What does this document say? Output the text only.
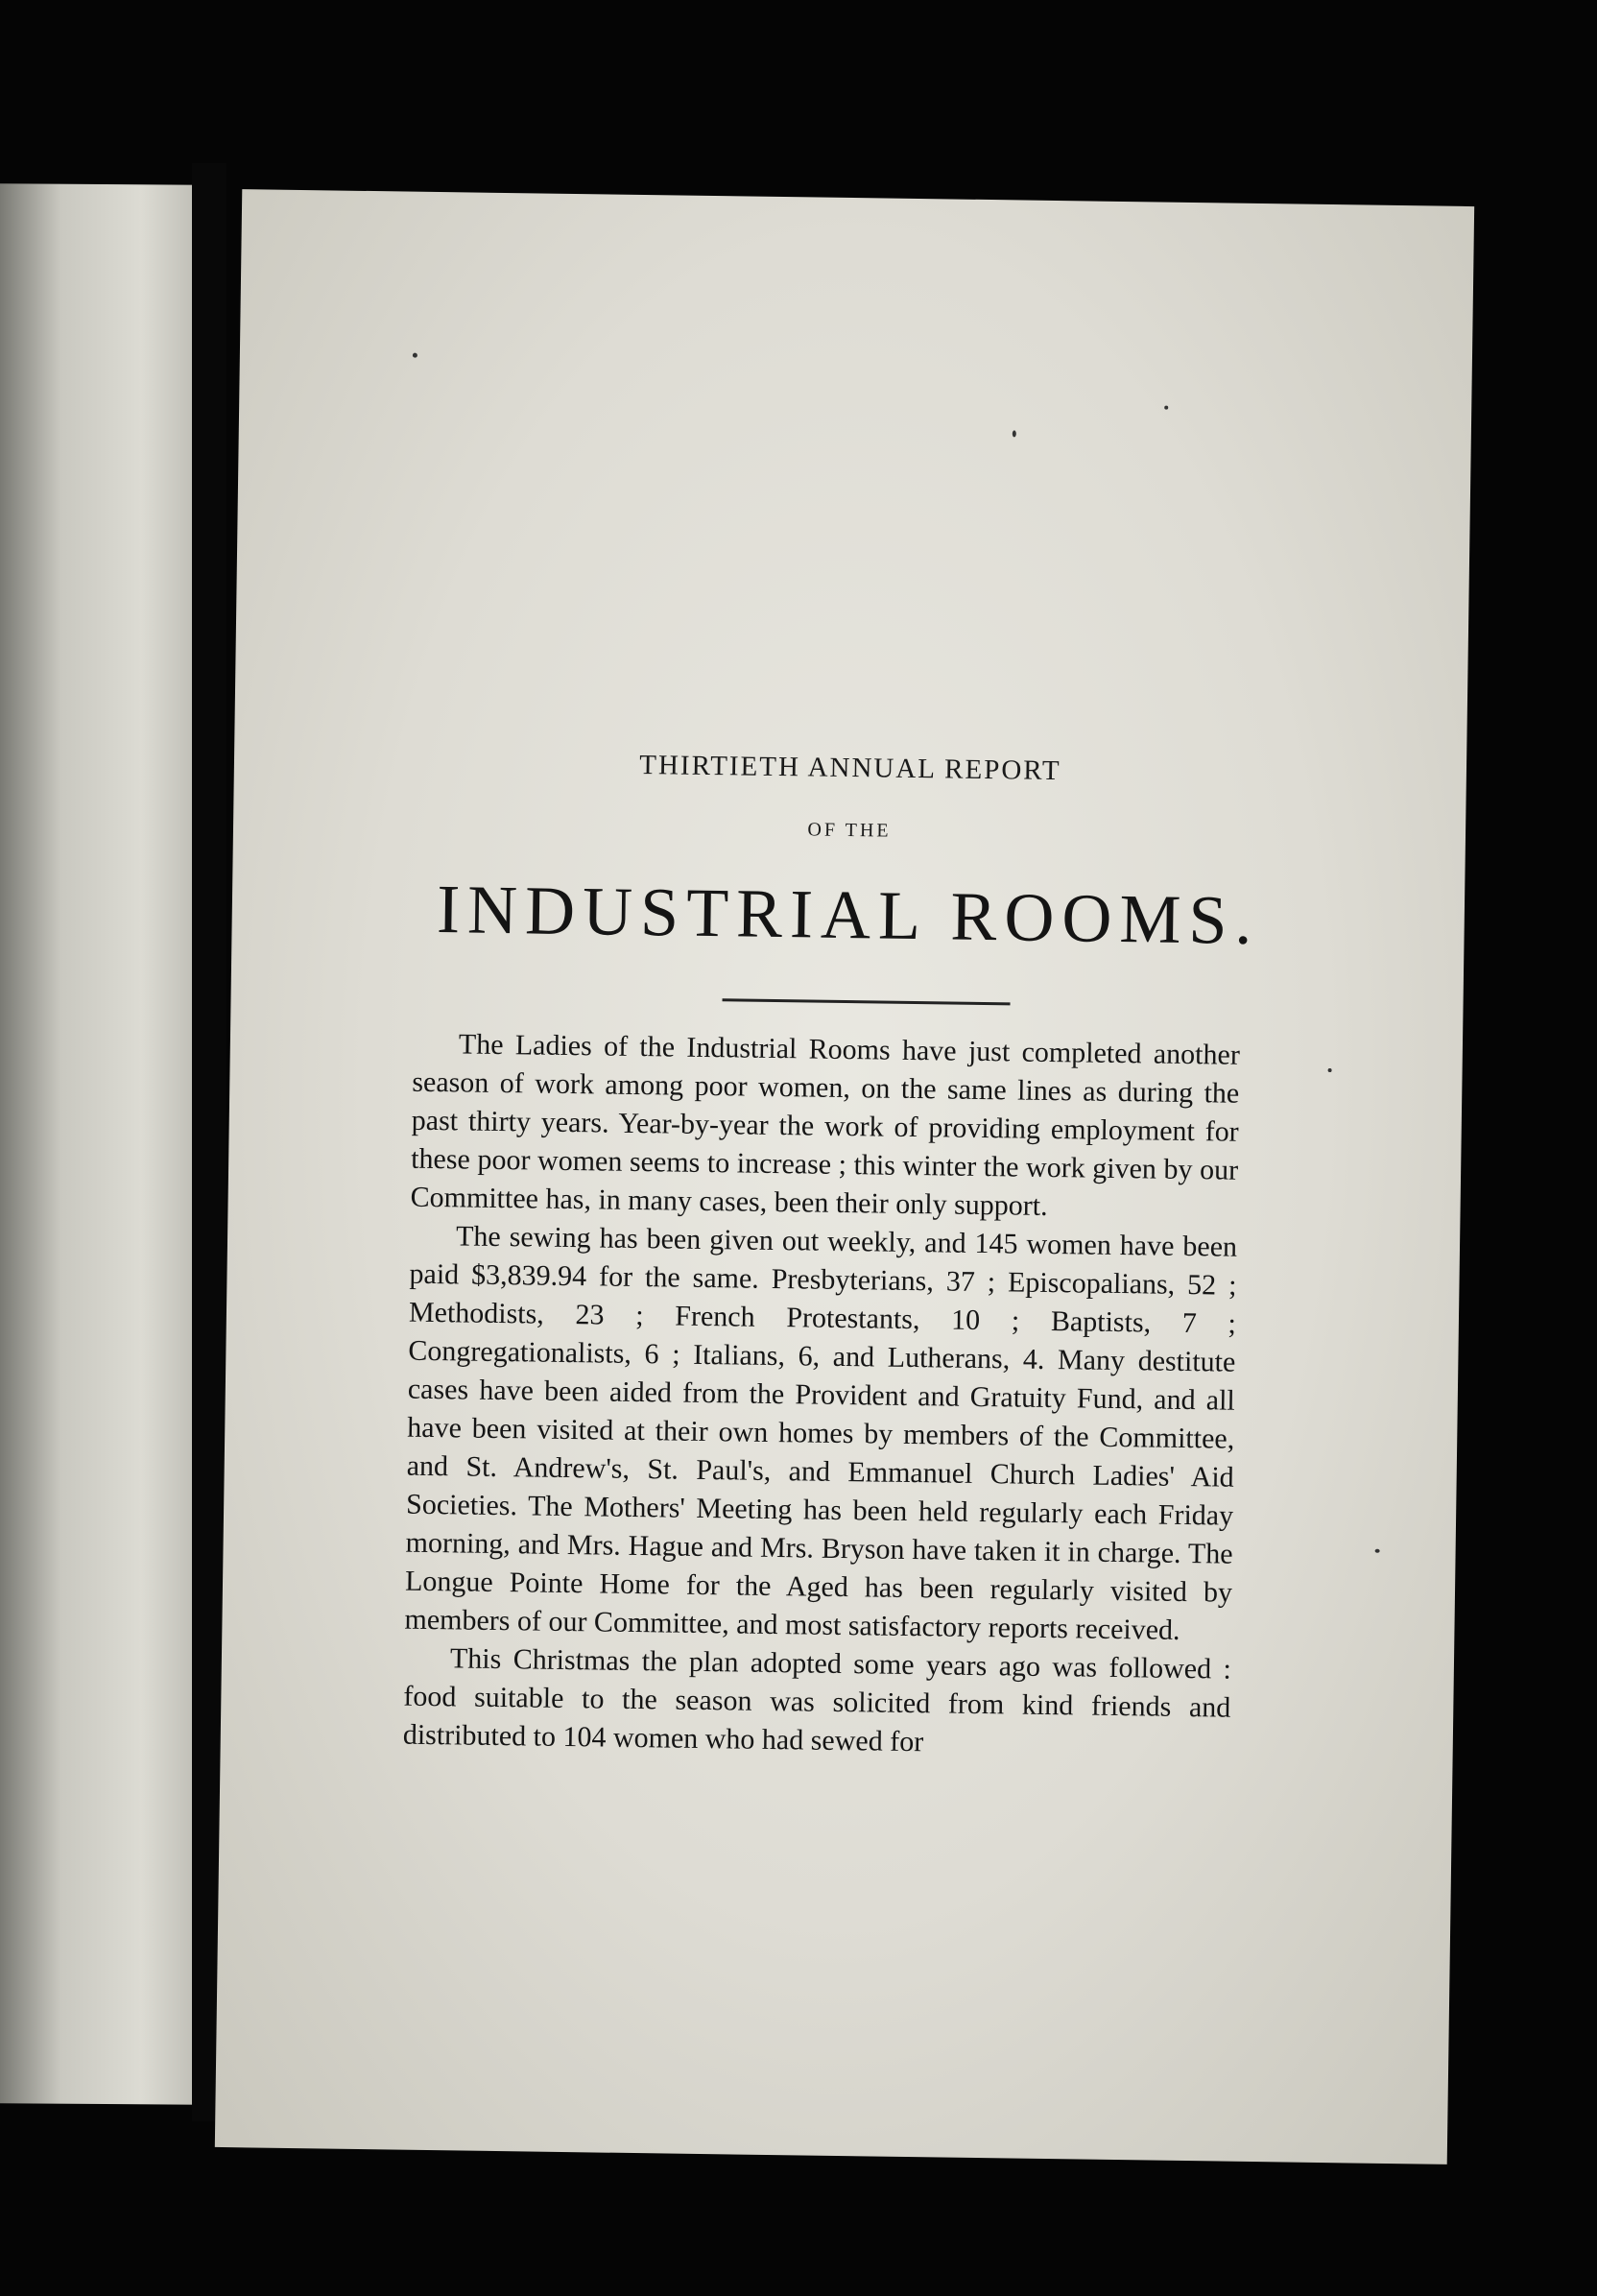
THIRTIETH ANNUAL REPORT
OF THE
INDUSTRIAL ROOMS.

The Ladies of the Industrial Rooms have just completed another season of work among poor women, on the same lines as during the past thirty years. Year-by-year the work of providing employment for these poor women seems to increase ; this winter the work given by our Committee has, in many cases, been their only support.

The sewing has been given out weekly, and 145 women have been paid $3,839.94 for the same. Presbyterians, 37 ; Episcopalians, 52 ; Methodists, 23 ; French Protestants, 10 ; Baptists, 7 ; Congregationalists, 6 ; Italians, 6, and Lutherans, 4. Many destitute cases have been aided from the Provident and Gratuity Fund, and all have been visited at their own homes by members of the Committee, and St. Andrew's, St. Paul's, and Emmanuel Church Ladies' Aid Societies. The Mothers' Meeting has been held regularly each Friday morning, and Mrs. Hague and Mrs. Bryson have taken it in charge. The Longue Pointe Home for the Aged has been regularly visited by members of our Committee, and most satisfactory reports received.

This Christmas the plan adopted some years ago was followed : food suitable to the season was solicited from kind friends and distributed to 104 women who had sewed for
